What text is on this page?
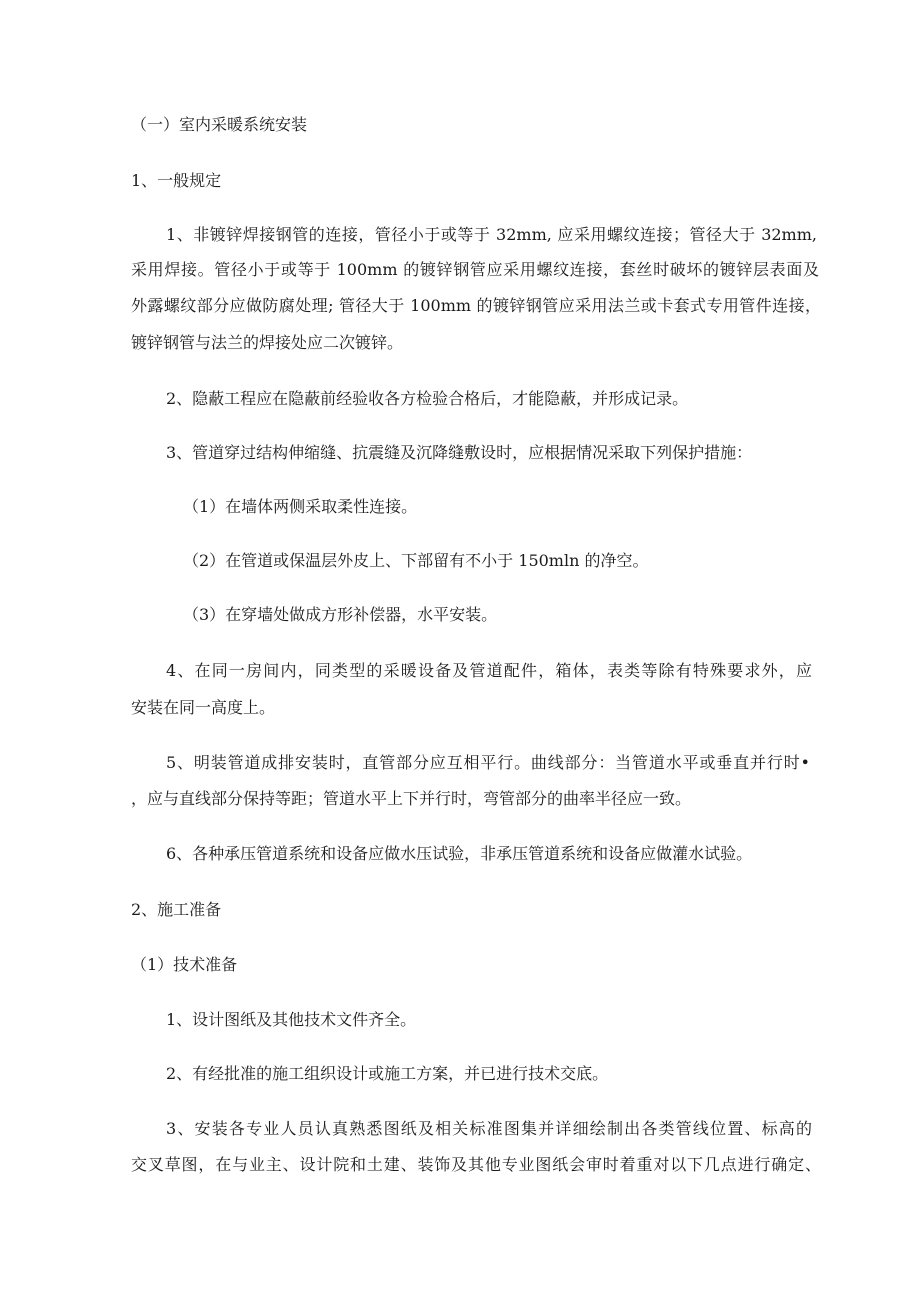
（一）室内采暖系统安装
1、一般规定
1、非镀锌焊接钢管的连接，管径小于或等于 32mm, 应采用螺纹连接；管径大于 32mm,
采用焊接。管径小于或等于 100mm 的镀锌钢管应采用螺纹连接，套丝时破坏的镀锌层表面及
外露螺纹部分应做防腐处理; 管径大于 100mm 的镀锌钢管应采用法兰或卡套式专用管件连接，
镀锌钢管与法兰的焊接处应二次镀锌。
2、隐蔽工程应在隐蔽前经验收各方检验合格后，才能隐蔽，并形成记录。
3、管道穿过结构伸缩缝、抗震缝及沉降缝敷设时，应根据情况采取下列保护措施：
（1）在墙体两侧采取柔性连接。
（2）在管道或保温层外皮上、下部留有不小于 150mln 的净空。
（3）在穿墙处做成方形补偿器，水平安装。
4、在同一房间内，同类型的采暖设备及管道配件，箱体，表类等除有特殊要求外，应
安装在同一高度上。
5、明装管道成排安装时，直管部分应互相平行。曲线部分：当管道水平或垂直并行时•
，应与直线部分保持等距；管道水平上下并行时，弯管部分的曲率半径应一致。
6、各种承压管道系统和设备应做水压试验，非承压管道系统和设备应做灌水试验。
2、施工准备
（1）技术准备
1、设计图纸及其他技术文件齐全。
2、有经批准的施工组织设计或施工方案，并已进行技术交底。
3、安装各专业人员认真熟悉图纸及相关标准图集并详细绘制出各类管线位置、标高的
交叉草图，在与业主、设计院和土建、装饰及其他专业图纸会审时着重对以下几点进行确定、
